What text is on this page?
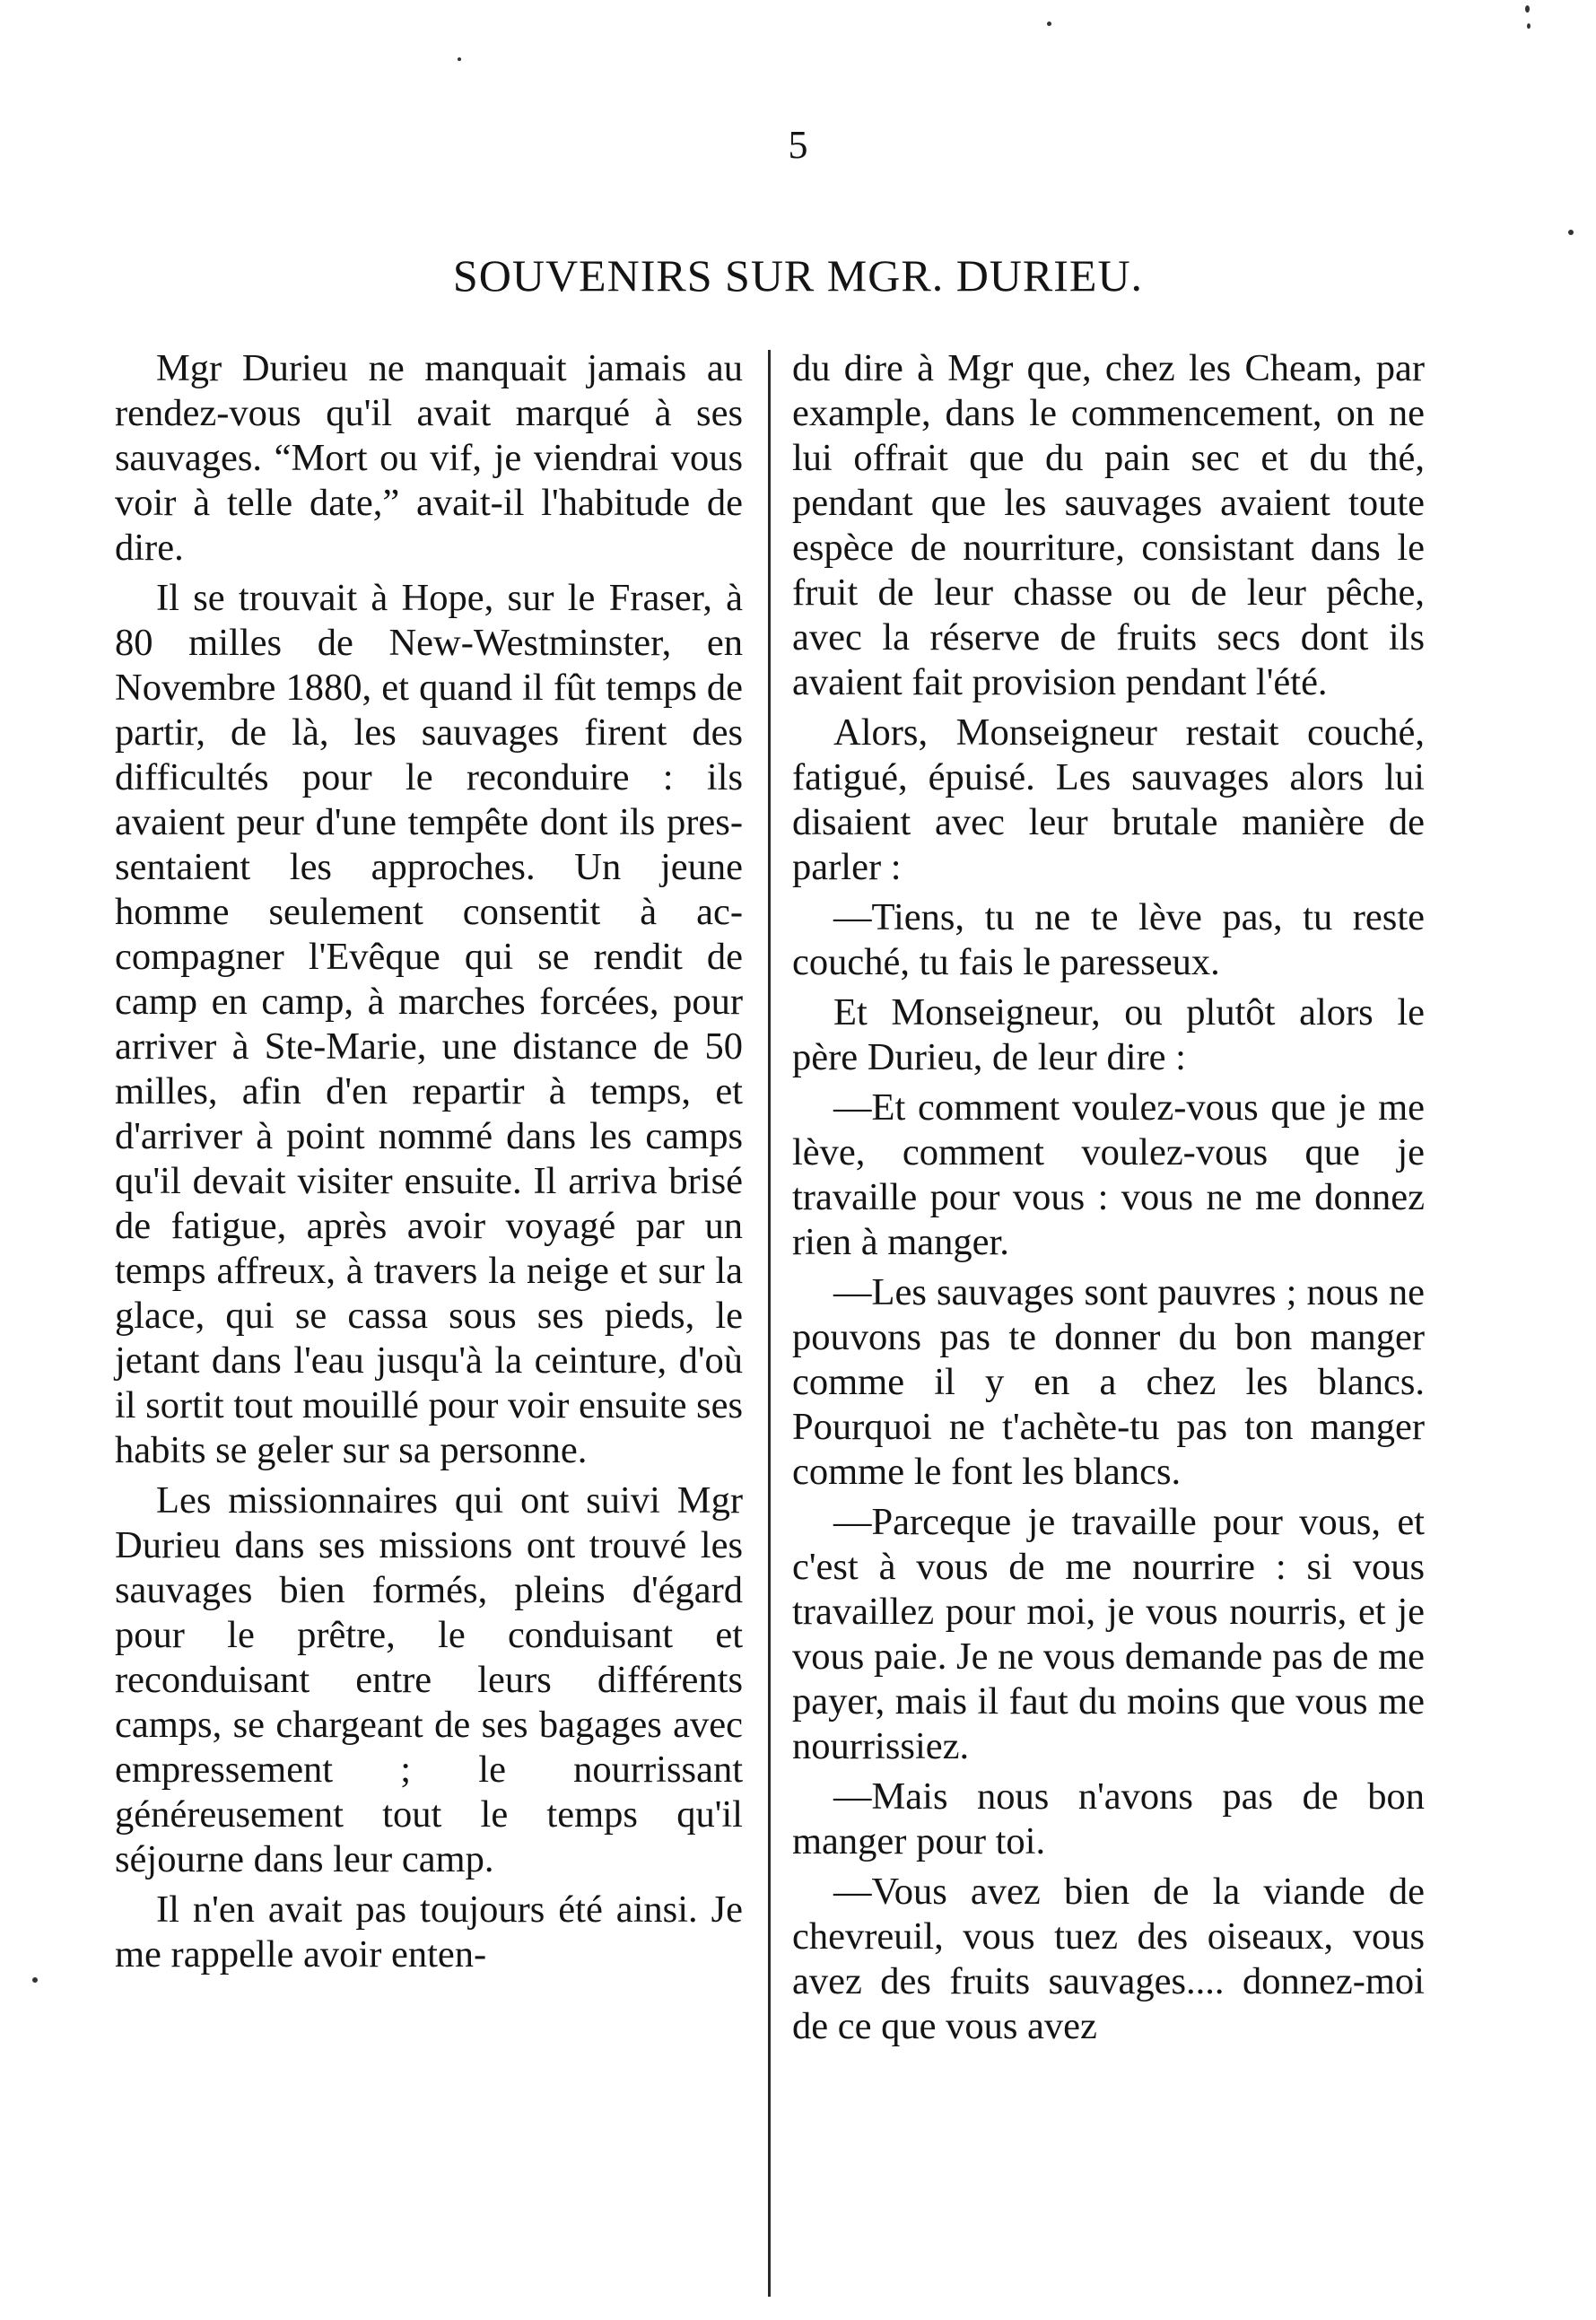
5
SOUVENIRS SUR MGR. DURIEU.

Mgr Durieu ne manquait jamais au rendez-vous qu'il avait marqué à ses sauvages. “Mort ou vif, je viendrai vous voir à telle date,” avait-il l'habitude de dire.

Il se trouvait à Hope, sur le Fraser, à 80 milles de New-Westminster, en Novembre 1880, et quand il fût temps de partir, de là, les sauvages firent des difficultés pour le reconduire : ils avaient peur d'une tempête dont ils pressentaient les approches. Un jeune homme seulement consentit à accompagner l'Evêque qui se rendit de camp en camp, à marches forcées, pour arriver à Ste-Marie, une distance de 50 milles, afin d'en repartir à temps, et d'arriver à point nommé dans les camps qu'il devait visiter ensuite. Il arriva brisé de fatigue, après avoir voyagé par un temps affreux, à travers la neige et sur la glace, qui se cassa sous ses pieds, le jetant dans l'eau jusqu'à la ceinture, d'où il sortit tout mouillé pour voir ensuite ses habits se geler sur sa personne.

Les missionnaires qui ont suivi Mgr Durieu dans ses missions ont trouvé les sauvages bien formés, pleins d'égard pour le prêtre, le conduisant et reconduisant entre leurs différents camps, se chargeant de ses bagages avec empressement ; le nourrissant généreusement tout le temps qu'il séjourne dans leur camp.

Il n'en avait pas toujours été ainsi. Je me rappelle avoir enten-

du dire à Mgr que, chez les Cheam, par example, dans le commencement, on ne lui offrait que du pain sec et du thé, pendant que les sauvages avaient toute espèce de nourriture, consistant dans le fruit de leur chasse ou de leur pêche, avec la réserve de fruits secs dont ils avaient fait provision pendant l'été.

Alors, Monseigneur restait couché, fatigué, épuisé. Les sauvages alors lui disaient avec leur brutale manière de parler :

—Tiens, tu ne te lève pas, tu reste couché, tu fais le paresseux.

Et Monseigneur, ou plutôt alors le père Durieu, de leur dire :

—Et comment voulez-vous que je me lève, comment voulez-vous que je travaille pour vous : vous ne me donnez rien à manger.

—Les sauvages sont pauvres ; nous ne pouvons pas te donner du bon manger comme il y en a chez les blancs. Pourquoi ne t'achète-tu pas ton manger comme le font les blancs.

—Parceque je travaille pour vous, et c'est à vous de me nourrire : si vous travaillez pour moi, je vous nourris, et je vous paie. Je ne vous demande pas de me payer, mais il faut du moins que vous me nourrissiez.

—Mais nous n'avons pas de bon manger pour toi.

—Vous avez bien de la viande de chevreuil, vous tuez des oiseaux, vous avez des fruits sauvages.... donnez-moi de ce que vous avez
